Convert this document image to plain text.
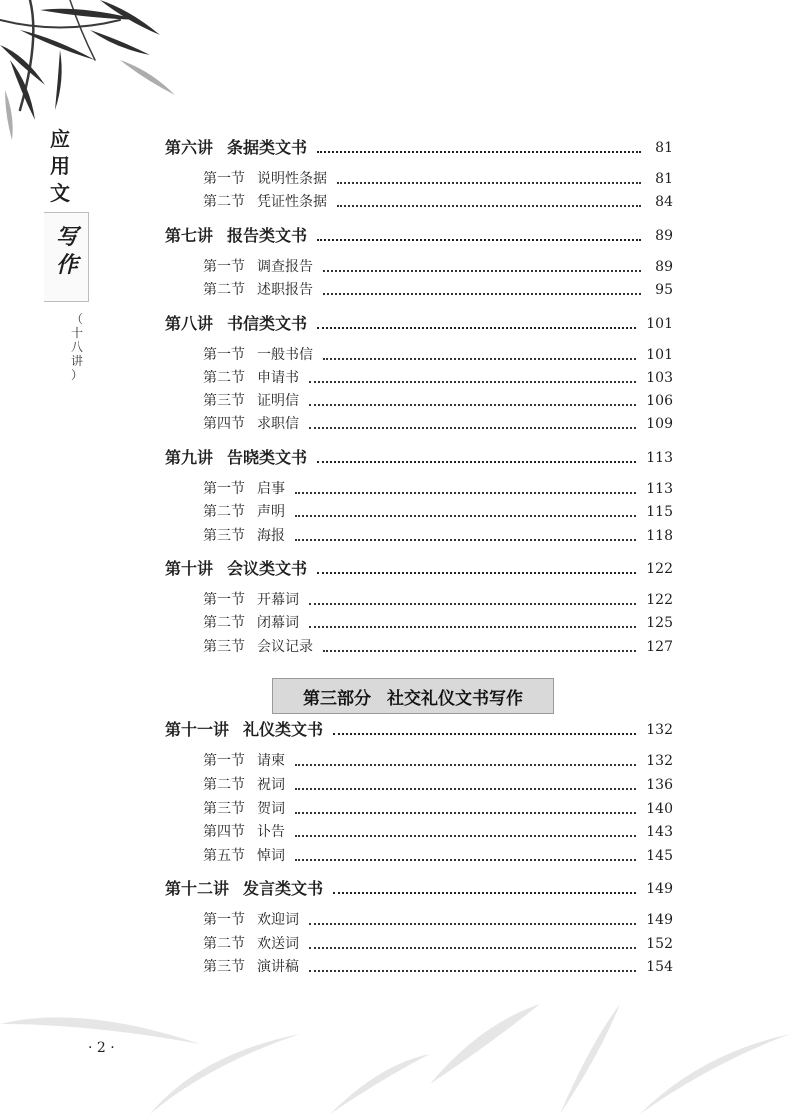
应
用
文
写
作
（
十
八
讲
）
第六讲 条据类文书	81
第一节 说明性条据	81
第二节 凭证性条据	84
第七讲 报告类文书	89
第一节 调查报告	89
第二节 述职报告	95
第八讲 书信类文书	101
第一节 一般书信	101
第二节 申请书	103
第三节 证明信	106
第四节 求职信	109
第九讲 告晓类文书	113
第一节 启事	113
第二节 声明	115
第三节 海报	118
第十讲 会议类文书	122
第一节 开幕词	122
第二节 闭幕词	125
第三节 会议记录	127
第三部分 社交礼仪文书写作
第十一讲 礼仪类文书	132
第一节 请柬	132
第二节 祝词	136
第三节 贺词	140
第四节 讣告	143
第五节 悼词	145
第十二讲 发言类文书	149
第一节 欢迎词	149
第二节 欢送词	152
第三节 演讲稿	154
· 2 ·
